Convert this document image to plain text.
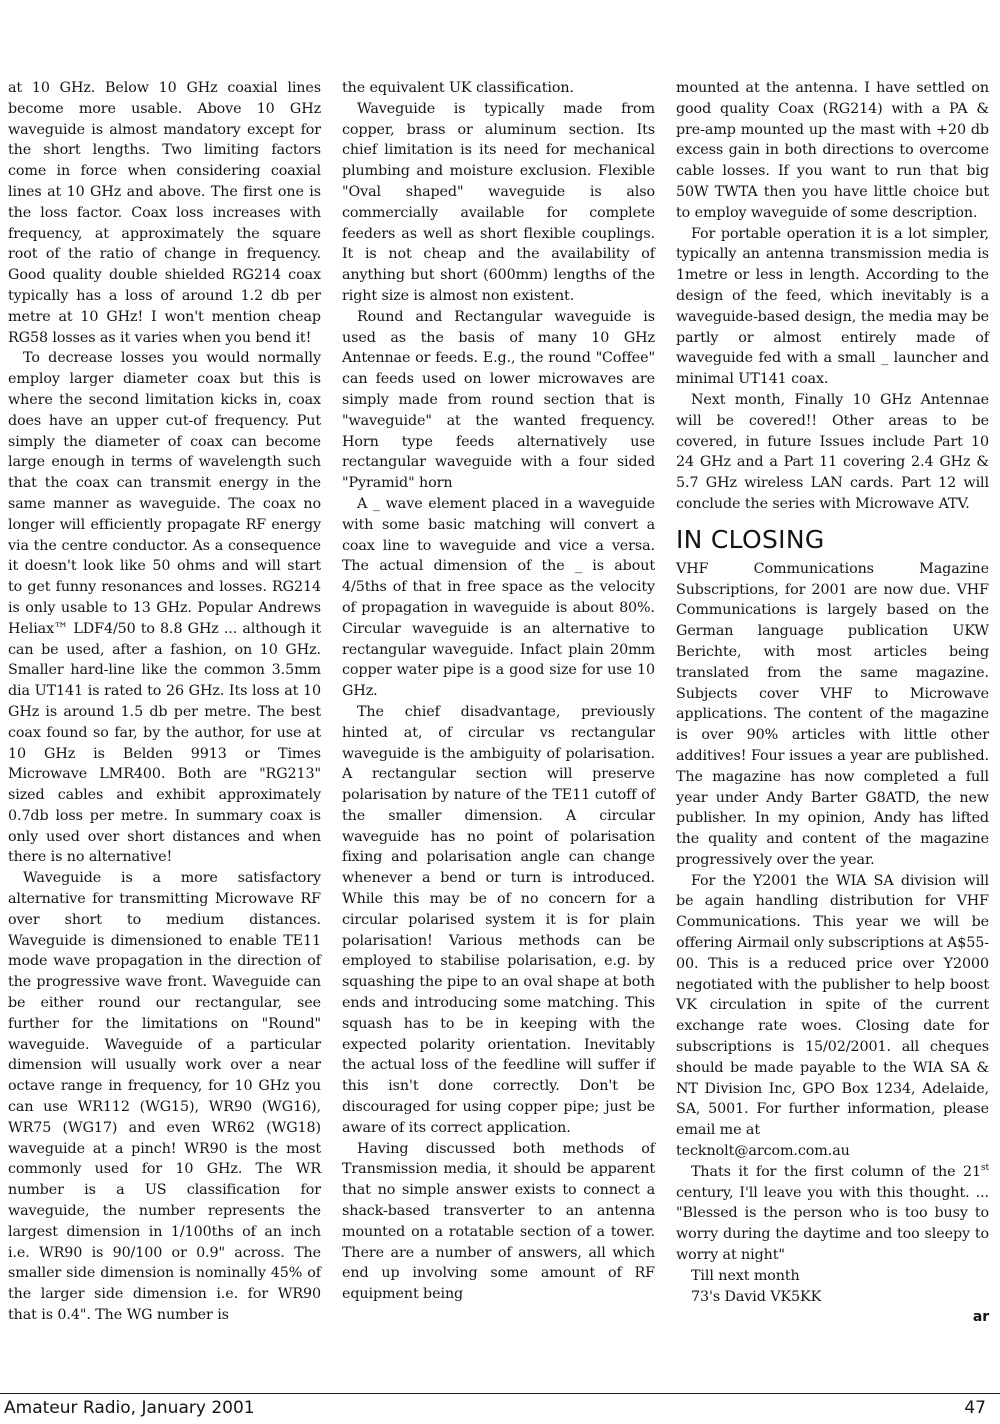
at 10 GHz. Below 10 GHz coaxial lines become more usable. Above 10 GHz waveguide is almost mandatory except for the short lengths. Two limiting factors come in force when considering coaxial lines at 10 GHz and above. The first one is the loss factor. Coax loss increases with frequency, at approximately the square root of the ratio of change in frequency. Good quality double shielded RG214 coax typically has a loss of around 1.2 db per metre at 10 GHz! I won't mention cheap RG58 losses as it varies when you bend it!

To decrease losses you would normally employ larger diameter coax but this is where the second limitation kicks in, coax does have an upper cut-of frequency. Put simply the diameter of coax can become large enough in terms of wavelength such that the coax can transmit energy in the same manner as waveguide. The coax no longer will efficiently propagate RF energy via the centre conductor. As a consequence it doesn't look like 50 ohms and will start to get funny resonances and losses. RG214 is only usable to 13 GHz. Popular Andrews Heliax™ LDF4/50 to 8.8 GHz ... although it can be used, after a fashion, on 10 GHz. Smaller hard-line like the common 3.5mm dia UT141 is rated to 26 GHz. Its loss at 10 GHz is around 1.5 db per metre. The best coax found so far, by the author, for use at 10 GHz is Belden 9913 or Times Microwave LMR400. Both are "RG213" sized cables and exhibit approximately 0.7db loss per metre. In summary coax is only used over short distances and when there is no alternative!

Waveguide is a more satisfactory alternative for transmitting Microwave RF over short to medium distances. Waveguide is dimensioned to enable TE11 mode wave propagation in the direction of the progressive wave front. Waveguide can be either round our rectangular, see further for the limitations on "Round" waveguide. Waveguide of a particular dimension will usually work over a near octave range in frequency, for 10 GHz you can use WR112 (WG15), WR90 (WG16), WR75 (WG17) and even WR62 (WG18) waveguide at a pinch! WR90 is the most commonly used for 10 GHz. The WR number is a US classification for waveguide, the number represents the largest dimension in 1/100ths of an inch i.e. WR90 is 90/100 or 0.9" across. The smaller side dimension is nominally 45% of the larger side dimension i.e. for WR90 that is 0.4". The WG number is

the equivalent UK classification.

Waveguide is typically made from copper, brass or aluminum section. Its chief limitation is its need for mechanical plumbing and moisture exclusion. Flexible "Oval shaped" waveguide is also commercially available for complete feeders as well as short flexible couplings. It is not cheap and the availability of anything but short (600mm) lengths of the right size is almost non existent.

Round and Rectangular waveguide is used as the basis of many 10 GHz Antennae or feeds. E.g., the round "Coffee" can feeds used on lower microwaves are simply made from round section that is "waveguide" at the wanted frequency. Horn type feeds alternatively use rectangular waveguide with a four sided "Pyramid" horn

A _ wave element placed in a waveguide with some basic matching will convert a coax line to waveguide and vice a versa. The actual dimension of the _ is about 4/5ths of that in free space as the velocity of propagation in waveguide is about 80%. Circular waveguide is an alternative to rectangular waveguide. Infact plain 20mm copper water pipe is a good size for use 10 GHz.

The chief disadvantage, previously hinted at, of circular vs rectangular waveguide is the ambiguity of polarisation. A rectangular section will preserve polarisation by nature of the TE11 cutoff of the smaller dimension. A circular waveguide has no point of polarisation fixing and polarisation angle can change whenever a bend or turn is introduced. While this may be of no concern for a circular polarised system it is for plain polarisation! Various methods can be employed to stabilise polarisation, e.g. by squashing the pipe to an oval shape at both ends and introducing some matching. This squash has to be in keeping with the expected polarity orientation. Inevitably the actual loss of the feedline will suffer if this isn't done correctly. Don't be discouraged for using copper pipe; just be aware of its correct application.

Having discussed both methods of Transmission media, it should be apparent that no simple answer exists to connect a shack-based transverter to an antenna mounted on a rotatable section of a tower. There are a number of answers, all which end up involving some amount of RF equipment being

mounted at the antenna. I have settled on good quality Coax (RG214) with a PA & pre-amp mounted up the mast with +20 db excess gain in both directions to overcome cable losses. If you want to run that big 50W TWTA then you have little choice but to employ waveguide of some description.

For portable operation it is a lot simpler, typically an antenna transmission media is 1metre or less in length. According to the design of the feed, which inevitably is a waveguide-based design, the media may be partly or almost entirely made of waveguide fed with a small _ launcher and minimal UT141 coax.

Next month, Finally 10 GHz Antennae will be covered!! Other areas to be covered, in future Issues include Part 10 24 GHz and a Part 11 covering 2.4 GHz & 5.7 GHz wireless LAN cards. Part 12 will conclude the series with Microwave ATV.

IN CLOSING

VHF Communications Magazine Subscriptions, for 2001 are now due. VHF Communications is largely based on the German language publication UKW Berichte, with most articles being translated from the same magazine. Subjects cover VHF to Microwave applications. The content of the magazine is over 90% articles with little other additives! Four issues a year are published. The magazine has now completed a full year under Andy Barter G8ATD, the new publisher. In my opinion, Andy has lifted the quality and content of the magazine progressively over the year.

For the Y2001 the WIA SA division will be again handling distribution for VHF Communications. This year we will be offering Airmail only subscriptions at A$55-00. This is a reduced price over Y2000 negotiated with the publisher to help boost VK circulation in spite of the current exchange rate woes. Closing date for subscriptions is 15/02/2001. all cheques should be made payable to the WIA SA & NT Division Inc, GPO Box 1234, Adelaide, SA, 5001. For further information, please email me at

tecknolt@arcom.com.au

Thats it for the first column of the 21st century, I'll leave you with this thought. ... "Blessed is the person who is too busy to worry during the daytime and too sleepy to worry at night"

Till next month

73's David VK5KK

ar
Amateur Radio, January 2001	47
